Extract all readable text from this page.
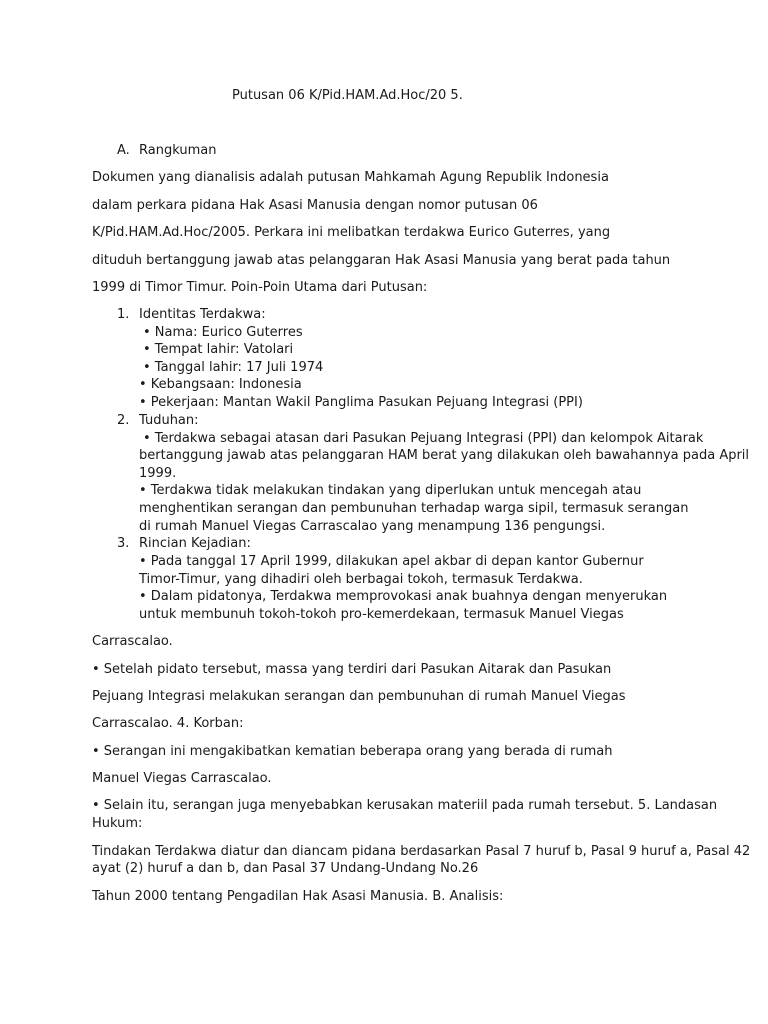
Putusan 06 K/Pid.HAM.Ad.Hoc/20 5.
A. Rangkuman
Dokumen yang dianalisis adalah putusan Mahkamah Agung Republik Indonesia
dalam perkara pidana Hak Asasi Manusia dengan nomor putusan 06
K/Pid.HAM.Ad.Hoc/2005. Perkara ini melibatkan terdakwa Eurico Guterres, yang
dituduh bertanggung jawab atas pelanggaran Hak Asasi Manusia yang berat pada tahun
1999 di Timor Timur. Poin-Poin Utama dari Putusan:
1. Identitas Terdakwa:
• Nama: Eurico Guterres
• Tempat lahir: Vatolari
• Tanggal lahir: 17 Juli 1974
• Kebangsaan: Indonesia
• Pekerjaan: Mantan Wakil Panglima Pasukan Pejuang Integrasi (PPI)
2. Tuduhan:
• Terdakwa sebagai atasan dari Pasukan Pejuang Integrasi (PPI) dan kelompok Aitarak
bertanggung jawab atas pelanggaran HAM berat yang dilakukan oleh bawahannya pada April
1999.
• Terdakwa tidak melakukan tindakan yang diperlukan untuk mencegah atau
menghentikan serangan dan pembunuhan terhadap warga sipil, termasuk serangan
di rumah Manuel Viegas Carrascalao yang menampung 136 pengungsi.
3. Rincian Kejadian:
• Pada tanggal 17 April 1999, dilakukan apel akbar di depan kantor Gubernur
Timor-Timur, yang dihadiri oleh berbagai tokoh, termasuk Terdakwa.
• Dalam pidatonya, Terdakwa memprovokasi anak buahnya dengan menyerukan
untuk membunuh tokoh-tokoh pro-kemerdekaan, termasuk Manuel Viegas
Carrascalao.
• Setelah pidato tersebut, massa yang terdiri dari Pasukan Aitarak dan Pasukan
Pejuang Integrasi melakukan serangan dan pembunuhan di rumah Manuel Viegas
Carrascalao. 4. Korban:
• Serangan ini mengakibatkan kematian beberapa orang yang berada di rumah
Manuel Viegas Carrascalao.
• Selain itu, serangan juga menyebabkan kerusakan materiil pada rumah tersebut. 5. Landasan
Hukum:
Tindakan Terdakwa diatur dan diancam pidana berdasarkan Pasal 7 huruf b, Pasal 9 huruf a, Pasal 42
ayat (2) huruf a dan b, dan Pasal 37 Undang-Undang No.26
Tahun 2000 tentang Pengadilan Hak Asasi Manusia. B. Analisis:
